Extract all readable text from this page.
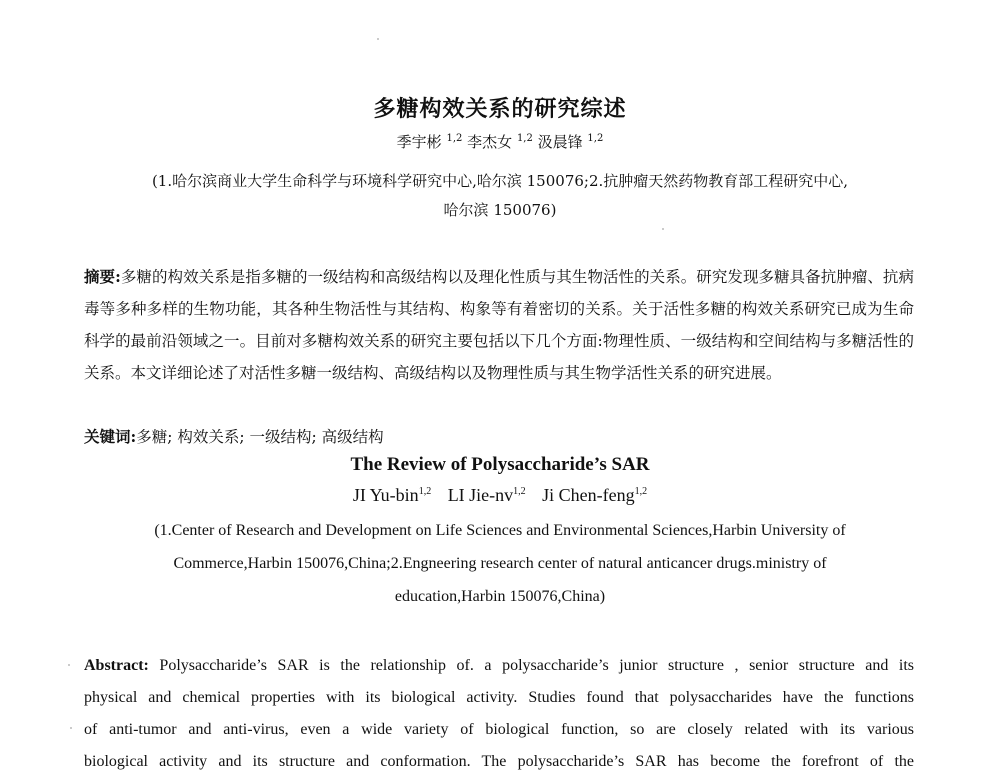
多糖构效关系的研究综述
季宇彬 $^{1,2}$ 李杰女 $^{1,2}$ 汲晨锋 $^{1,2}$
(1.哈尔滨商业大学生命科学与环境科学研究中心,哈尔滨 150076;2.抗肿瘤天然药物教育部工程研究中心,
哈尔滨 150076)
摘要:多糖的构效关系是指多糖的一级结构和高级结构以及理化性质与其生物活性的关系。研究发现多糖具备抗肿瘤、抗病毒等多种多样的生物功能，其各种生物活性与其结构、构象等有着密切的关系。关于活性多糖的构效关系研究已成为生命科学的最前沿领域之一。目前对多糖构效关系的研究主要包括以下几个方面:物理性质、一级结构和空间结构与多糖活性的关系。本文详细论述了对活性多糖一级结构、高级结构以及物理性质与其生物学活性关系的研究进展。
关键词:多糖; 构效关系; 一级结构; 高级结构
The Review of Polysaccharide’s SAR
JI Yu-bin$^{1,2}$ LI Jie-nv$^{1,2}$ Ji Chen-feng$^{1,2}$
(1.Center of Research and Development on Life Sciences and Environmental Sciences,Harbin University of
Commerce,Harbin 150076,China;2.Engneering research center of natural anticancer drugs.ministry of
education,Harbin 150076,China)
Abstract: Polysaccharide’s SAR is the relationship of. a polysaccharide’s junior structure , senior structure and its
physical and chemical properties with its biological activity. Studies found that polysaccharides have the functions
of anti-tumor and anti-virus, even a wide variety of biological function, so are closely related with its various
biological activity and its structure and conformation. The polysaccharide’s SAR has become the forefront of the
